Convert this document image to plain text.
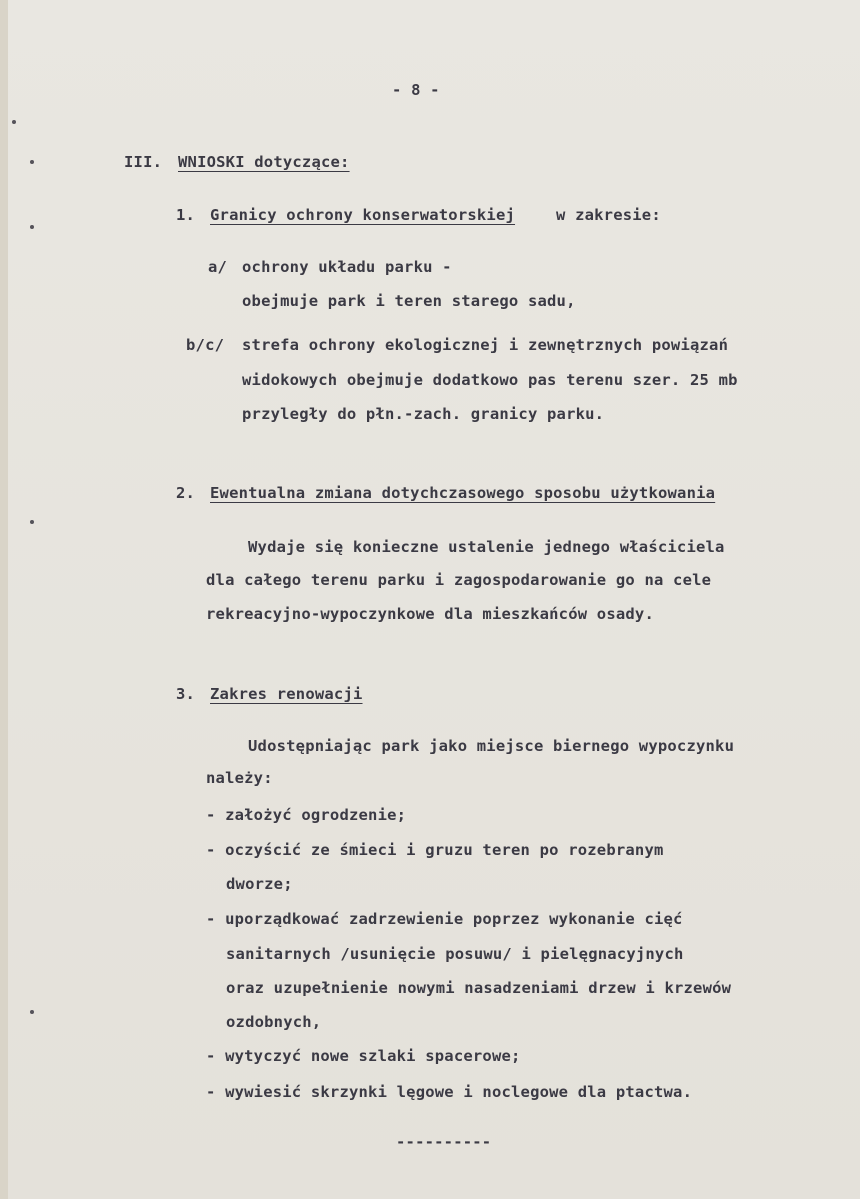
- 8 -
III. WNIOSKI dotyczące:
1. Granicy ochrony konserwatorskiej	w zakresie:
a/ ochrony układu parku -
obejmuje park i teren starego sadu,
b/c/ strefa ochrony ekologicznej i zewnętrznych powiązań
widokowych obejmuje dodatkowo pas terenu szer. 25 mb
przyległy do płn.-zach. granicy parku.
2. Ewentualna zmiana dotychczasowego sposobu użytkowania
Wydaje się konieczne ustalenie jednego właściciela
dla całego terenu parku i zagospodarowanie go na cele
rekreacyjno-wypoczynkowe dla mieszkańców osady.
3. Zakres renowacji
Udostępniając park jako miejsce biernego wypoczynku
należy:
- założyć ogrodzenie;
- oczyścić ze śmieci i gruzu teren po rozebranym
dworze;
- uporządkować zadrzewienie poprzez wykonanie cięć
sanitarnych /usunięcie posuwu/ i pielęgnacyjnych
oraz uzupełnienie nowymi nasadzeniami drzew i krzewów
ozdobnych,
- wytyczyć nowe szlaki spacerowe;
- wywiesić skrzynki lęgowe i noclegowe dla ptactwa.
----------
